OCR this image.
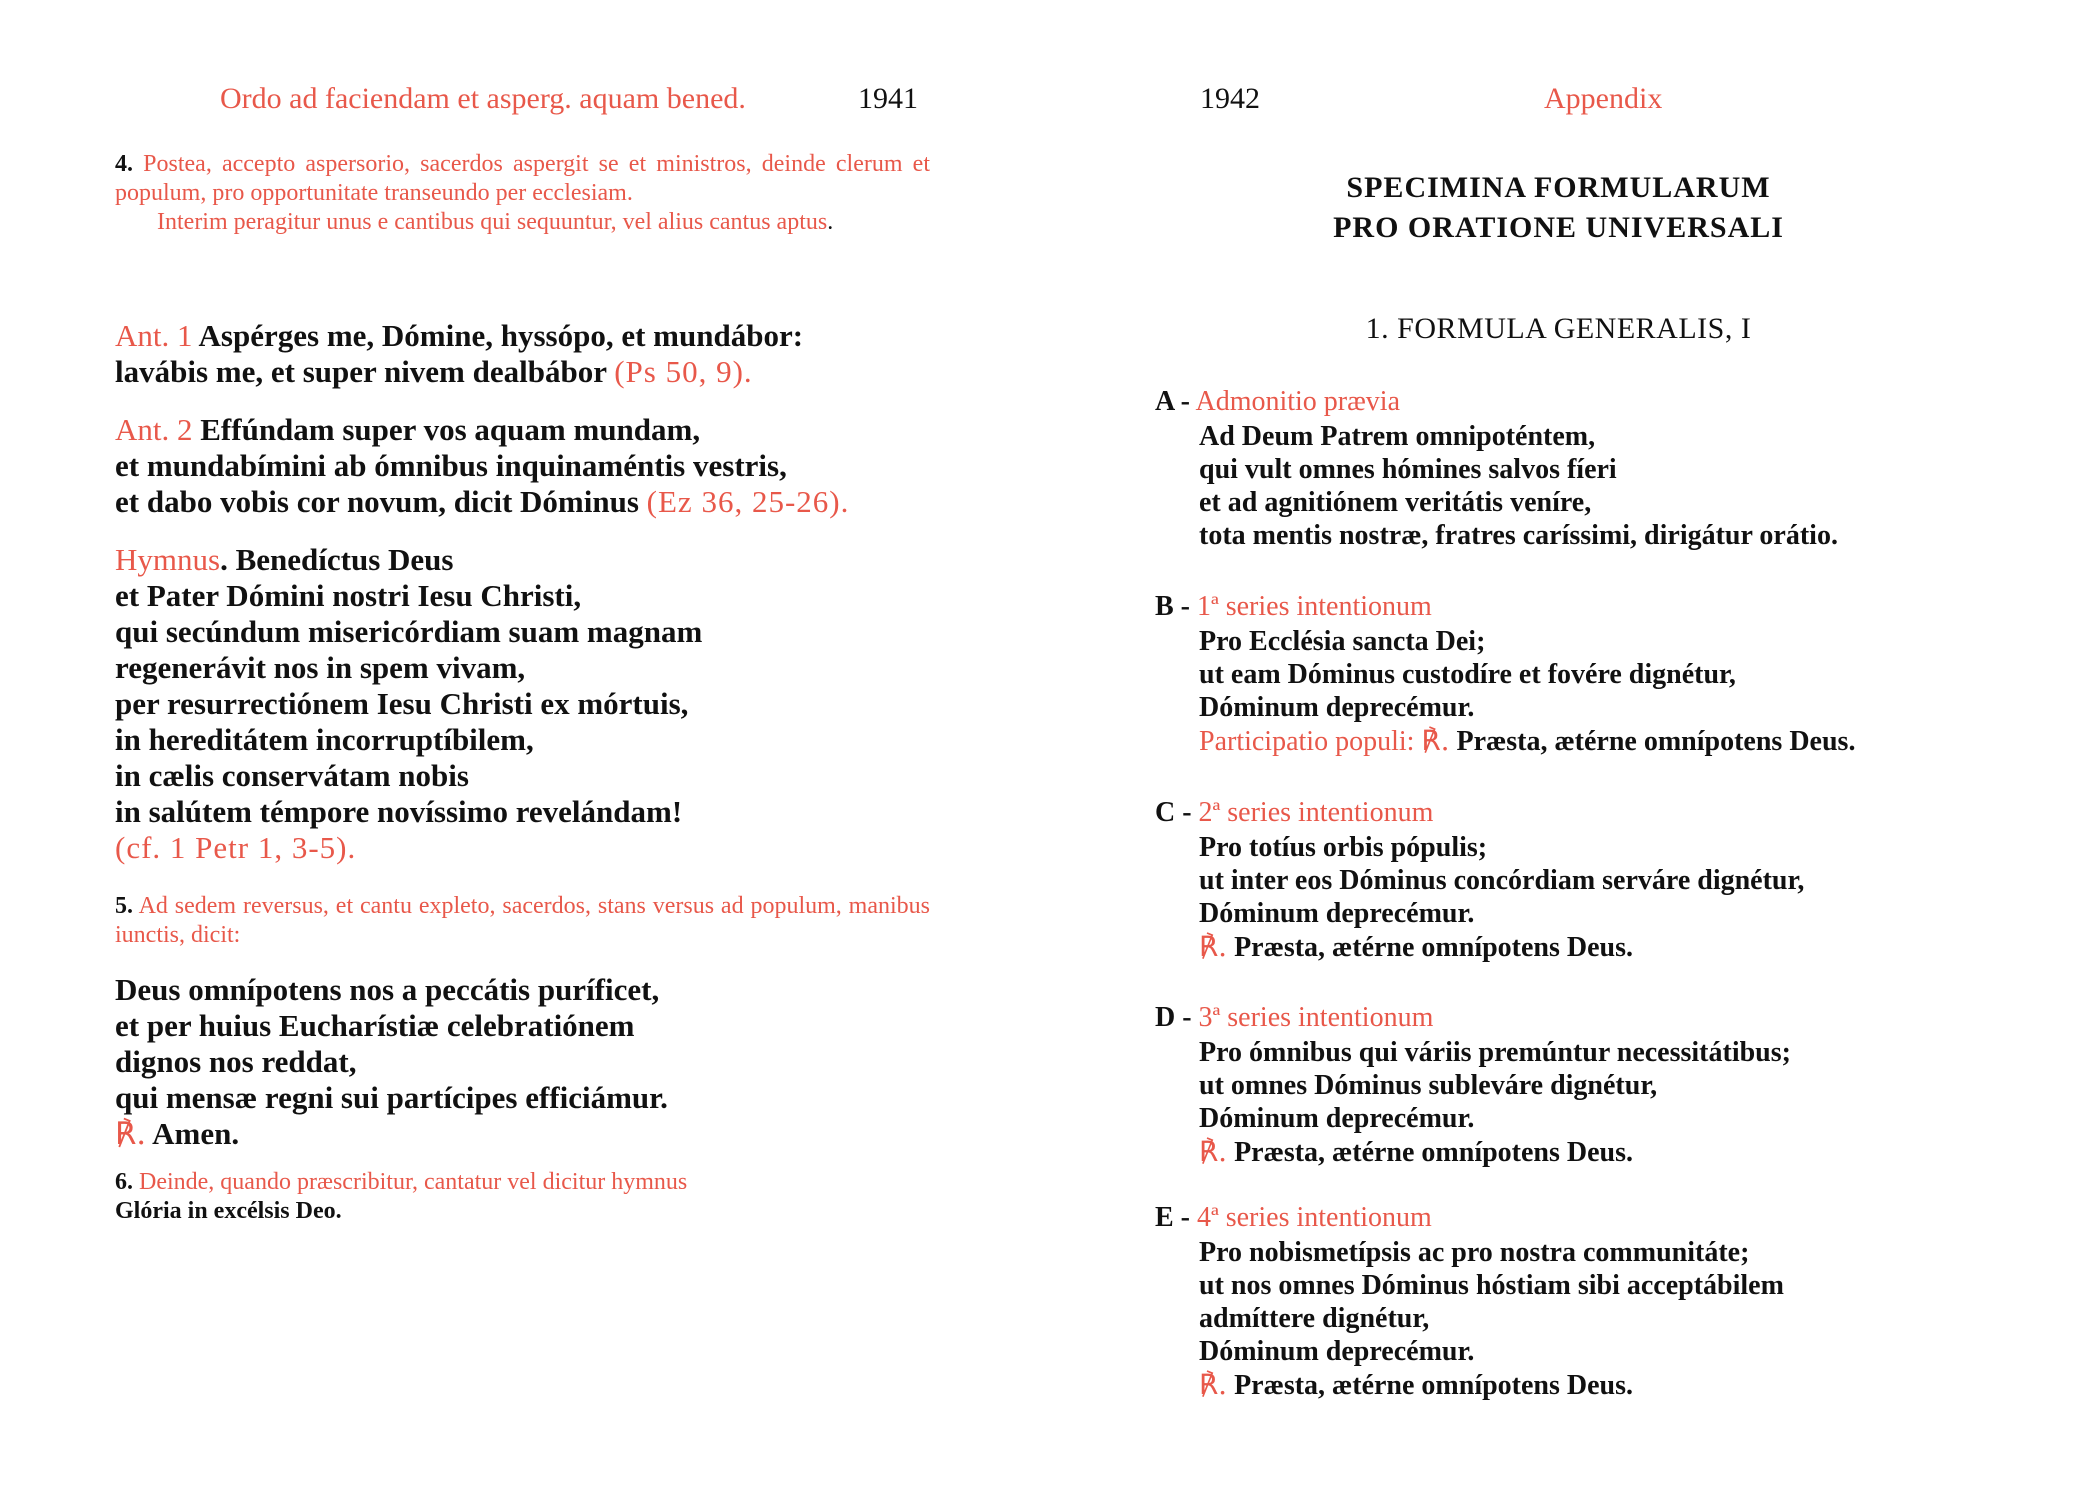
Ordo ad faciendam et asperg. aquam bened.	1941
4. Postea, accepto aspersorio, sacerdos aspergit se et ministros, deinde clerum et populum, pro opportunitate transeundo per ecclesiam.
Interim peragitur unus e cantibus qui sequuntur, vel alius cantus aptus.
Ant. 1 Aspérges me, Dómine, hyssópo, et mundábor:
lavábis me, et super nivem dealbábor (Ps 50, 9).
Ant. 2 Effúndam super vos aquam mundam,
et mundabímini ab ómnibus inquinaméntis vestris,
et dabo vobis cor novum, dicit Dóminus (Ez 36, 25-26).
Hymnus. Benedíctus Deus
et Pater Dómini nostri Iesu Christi,
qui secúndum misericórdiam suam magnam
regenerávit nos in spem vivam,
per resurrectiónem Iesu Christi ex mórtuis,
in hereditátem incorruptíbilem,
in cælis conservátam nobis
in salútem témpore novíssimo revelándam!
(cf. 1 Petr 1, 3-5).
5. Ad sedem reversus, et cantu expleto, sacerdos, stans versus ad populum, manibus iunctis, dicit:
Deus omnípotens nos a peccátis puríficet,
et per huius Eucharístiæ celebratiónem
dignos nos reddat,
qui mensæ regni sui partícipes efficiámur.
℟. Amen.
6. Deinde, quando præscribitur, cantatur vel dicitur hymnus
Glória in excélsis Deo.
1942	Appendix
SPECIMINA FORMULARUM
PRO ORATIONE UNIVERSALI
1. FORMULA GENERALIS, I
A - Admonitio prævia
Ad Deum Patrem omnipoténtem,
qui vult omnes hómines salvos fíeri
et ad agnitiónem veritátis veníre,
tota mentis nostræ, fratres caríssimi, dirigátur orátio.
B - 1ª series intentionum
Pro Ecclésia sancta Dei;
ut eam Dóminus custodíre et fovére dignétur,
Dóminum deprecémur.
Participatio populi: ℟. Præsta, ætérne omnípotens Deus.
C - 2ª series intentionum
Pro totíus orbis pópulis;
ut inter eos Dóminus concórdiam serváre dignétur,
Dóminum deprecémur.
℟. Præsta, ætérne omnípotens Deus.
D - 3ª series intentionum
Pro ómnibus qui váriis premúntur necessitátibus;
ut omnes Dóminus subleváre dignétur,
Dóminum deprecémur.
℟. Præsta, ætérne omnípotens Deus.
E - 4ª series intentionum
Pro nobismetípsis ac pro nostra communitáte;
ut nos omnes Dóminus hóstiam sibi acceptábilem
admíttere dignétur,
Dóminum deprecémur.
℟. Præsta, ætérne omnípotens Deus.
